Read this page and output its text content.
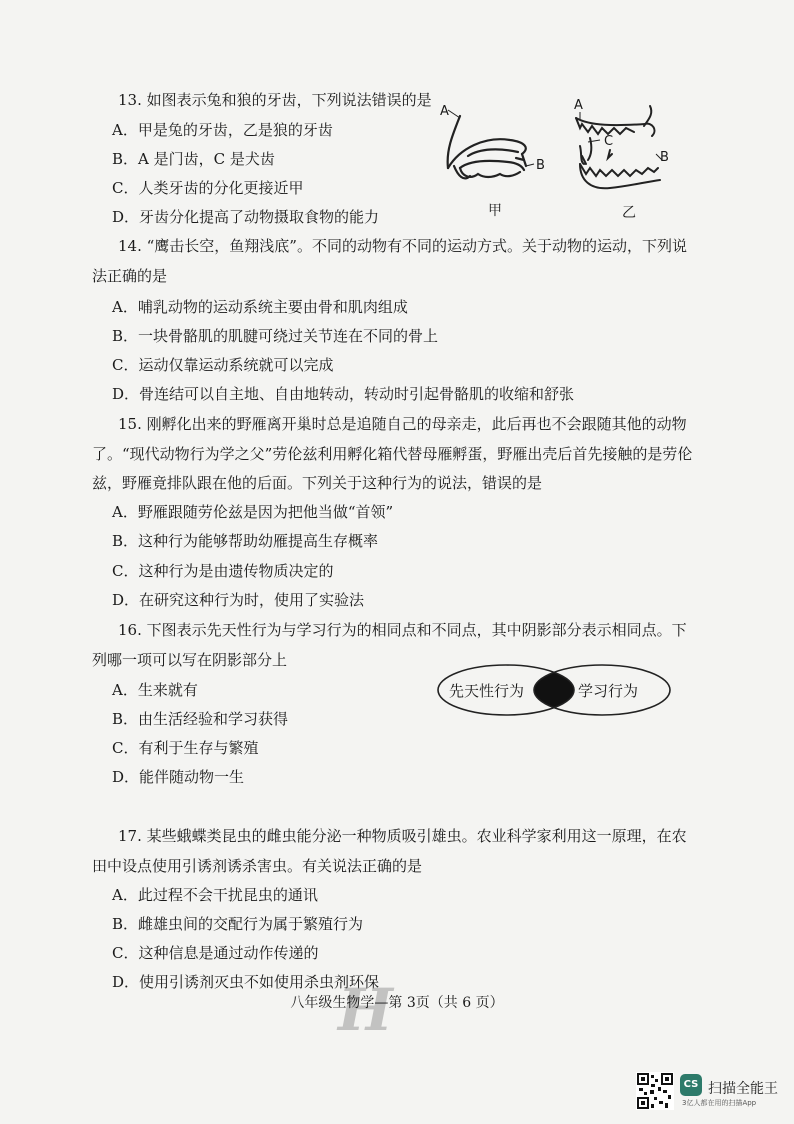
13. 如图表示兔和狼的牙齿，下列说法错误的是
A．甲是兔的牙齿，乙是狼的牙齿
B．A 是门齿，C 是犬齿
C．人类牙齿的分化更接近甲
D．牙齿分化提高了动物摄取食物的能力
A
B
A
C
B
甲	乙
14. “鹰击长空，鱼翔浅底”。不同的动物有不同的运动方式。关于动物的运动，下列说
法正确的是
A．哺乳动物的运动系统主要由骨和肌肉组成
B．一块骨骼肌的肌腱可绕过关节连在不同的骨上
C．运动仅靠运动系统就可以完成
D．骨连结可以自主地、自由地转动，转动时引起骨骼肌的收缩和舒张
15. 刚孵化出来的野雁离开巢时总是追随自己的母亲走，此后再也不会跟随其他的动物
了。“现代动物行为学之父”劳伦兹利用孵化箱代替母雁孵蛋，野雁出壳后首先接触的是劳伦
兹，野雁竟排队跟在他的后面。下列关于这种行为的说法，错误的是
A．野雁跟随劳伦兹是因为把他当做“首领”
B．这种行为能够帮助幼雁提高生存概率
C．这种行为是由遗传物质决定的
D．在研究这种行为时，使用了实验法
16. 下图表示先天性行为与学习行为的相同点和不同点，其中阴影部分表示相同点。下
列哪一项可以写在阴影部分上
A．生来就有
B．由生活经验和学习获得
C．有利于生存与繁殖
D．能伴随动物一生
先天性行为	学习行为
17. 某些蛾蝶类昆虫的雌虫能分泌一种物质吸引雄虫。农业科学家利用这一原理，在农
田中设点使用引诱剂诱杀害虫。有关说法正确的是
A．此过程不会干扰昆虫的通讯
B．雌雄虫间的交配行为属于繁殖行为
C．这种信息是通过动作传递的
D．使用引诱剂灭虫不如使用杀虫剂环保
H
八年级生物学—第 3页（共 6 页）
CS 扫描全能王
3亿人都在用的扫描App
